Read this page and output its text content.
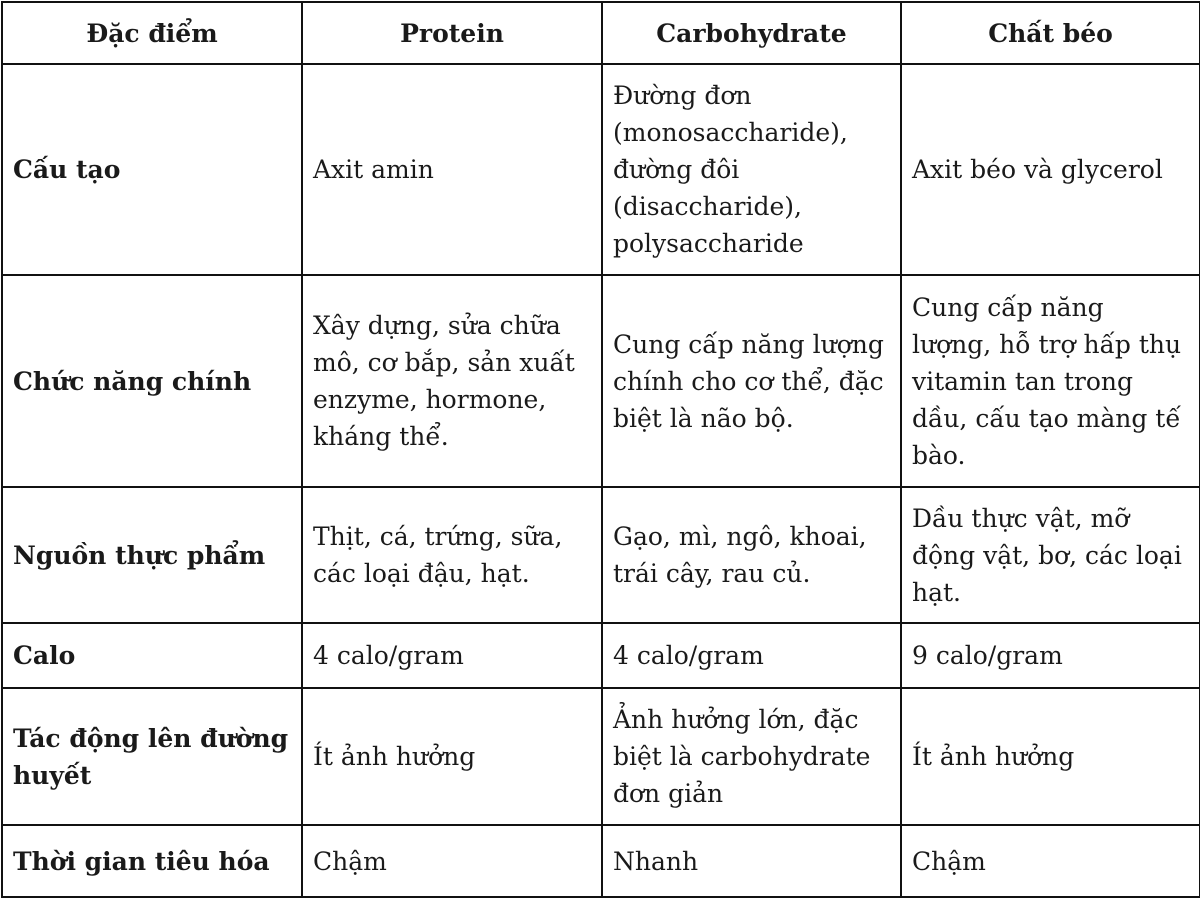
Đặc điểm	Protein	Carbohydrate	Chất béo
Cấu tạo	Axit amin	Đường đơn (monosaccharide), đường đôi (disaccharide), polysaccharide	Axit béo và glycerol
Chức năng chính	Xây dựng, sửa chữa mô, cơ bắp, sản xuất enzyme, hormone, kháng thể.	Cung cấp năng lượng chính cho cơ thể, đặc biệt là não bộ.	Cung cấp năng lượng, hỗ trợ hấp thụ vitamin tan trong dầu, cấu tạo màng tế bào.
Nguồn thực phẩm	Thịt, cá, trứng, sữa, các loại đậu, hạt.	Gạo, mì, ngô, khoai, trái cây, rau củ.	Dầu thực vật, mỡ động vật, bơ, các loại hạt.
Calo	4 calo/gram	4 calo/gram	9 calo/gram
Tác động lên đường huyết	Ít ảnh hưởng	Ảnh hưởng lớn, đặc biệt là carbohydrate đơn giản	Ít ảnh hưởng
Thời gian tiêu hóa	Chậm	Nhanh	Chậm
